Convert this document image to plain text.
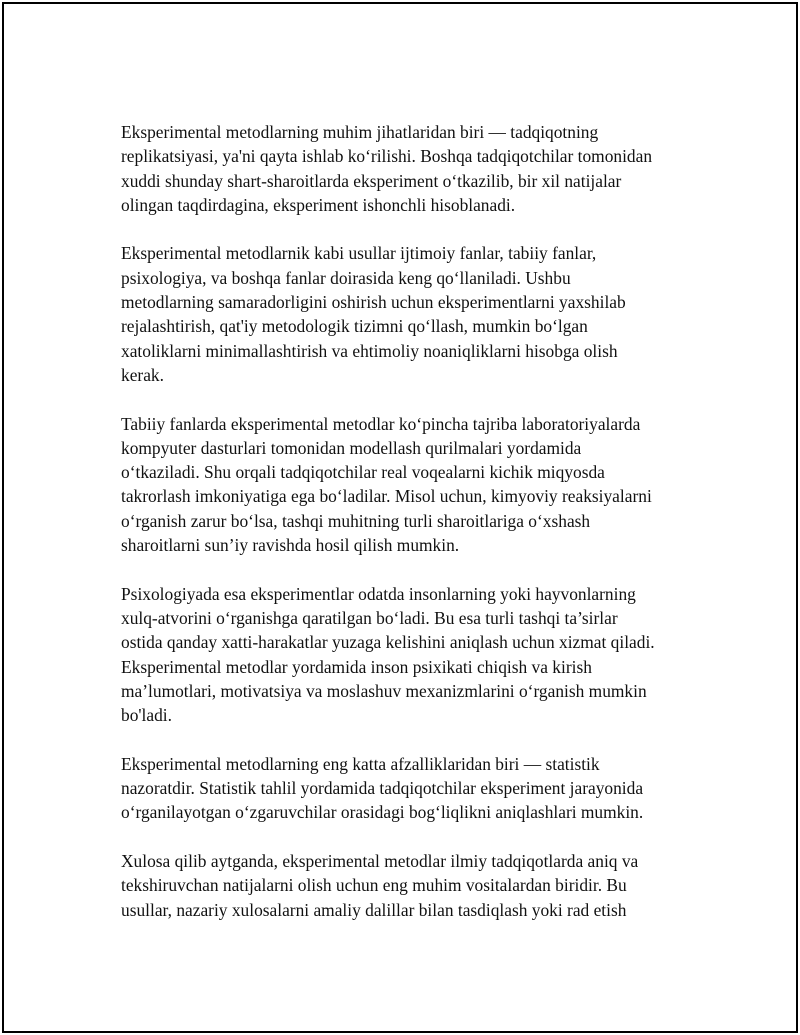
Eksperimental metodlarning muhim jihatlaridan biri — tadqiqotning
replikatsiyasi, ya'ni qayta ishlab ko‘rilishi. Boshqa tadqiqotchilar tomonidan
xuddi shunday shart-sharoitlarda eksperiment o‘tkazilib, bir xil natijalar
olingan taqdirdagina, eksperiment ishonchli hisoblanadi.

Eksperimental metodlarnik kabi usullar ijtimoiy fanlar, tabiiy fanlar,
psixologiya, va boshqa fanlar doirasida keng qo‘llaniladi. Ushbu
metodlarning samaradorligini oshirish uchun eksperimentlarni yaxshilab
rejalashtirish, qat'iy metodologik tizimni qo‘llash, mumkin bo‘lgan
xatoliklarni minimallashtirish va ehtimoliy noaniqliklarni hisobga olish
kerak.

Tabiiy fanlarda eksperimental metodlar ko‘pincha tajriba laboratoriyalarda
kompyuter dasturlari tomonidan modellash qurilmalari yordamida
o‘tkaziladi. Shu orqali tadqiqotchilar real voqealarni kichik miqyosda
takrorlash imkoniyatiga ega bo‘ladilar. Misol uchun, kimyoviy reaksiyalarni
o‘rganish zarur bo‘lsa, tashqi muhitning turli sharoitlariga o‘xshash
sharoitlarni sun’iy ravishda hosil qilish mumkin.

Psixologiyada esa eksperimentlar odatda insonlarning yoki hayvonlarning
xulq-atvorini o‘rganishga qaratilgan bo‘ladi. Bu esa turli tashqi ta’sirlar
ostida qanday xatti-harakatlar yuzaga kelishini aniqlash uchun xizmat qiladi.
Eksperimental metodlar yordamida inson psixikati chiqish va kirish
ma’lumotlari, motivatsiya va moslashuv mexanizmlarini o‘rganish mumkin
bo'ladi.

Eksperimental metodlarning eng katta afzalliklaridan biri — statistik
nazoratdir. Statistik tahlil yordamida tadqiqotchilar eksperiment jarayonida
o‘rganilayotgan o‘zgaruvchilar orasidagi bog‘liqlikni aniqlashlari mumkin.

Xulosa qilib aytganda, eksperimental metodlar ilmiy tadqiqotlarda aniq va
tekshiruvchan natijalarni olish uchun eng muhim vositalardan biridir. Bu
usullar, nazariy xulosalarni amaliy dalillar bilan tasdiqlash yoki rad etish
